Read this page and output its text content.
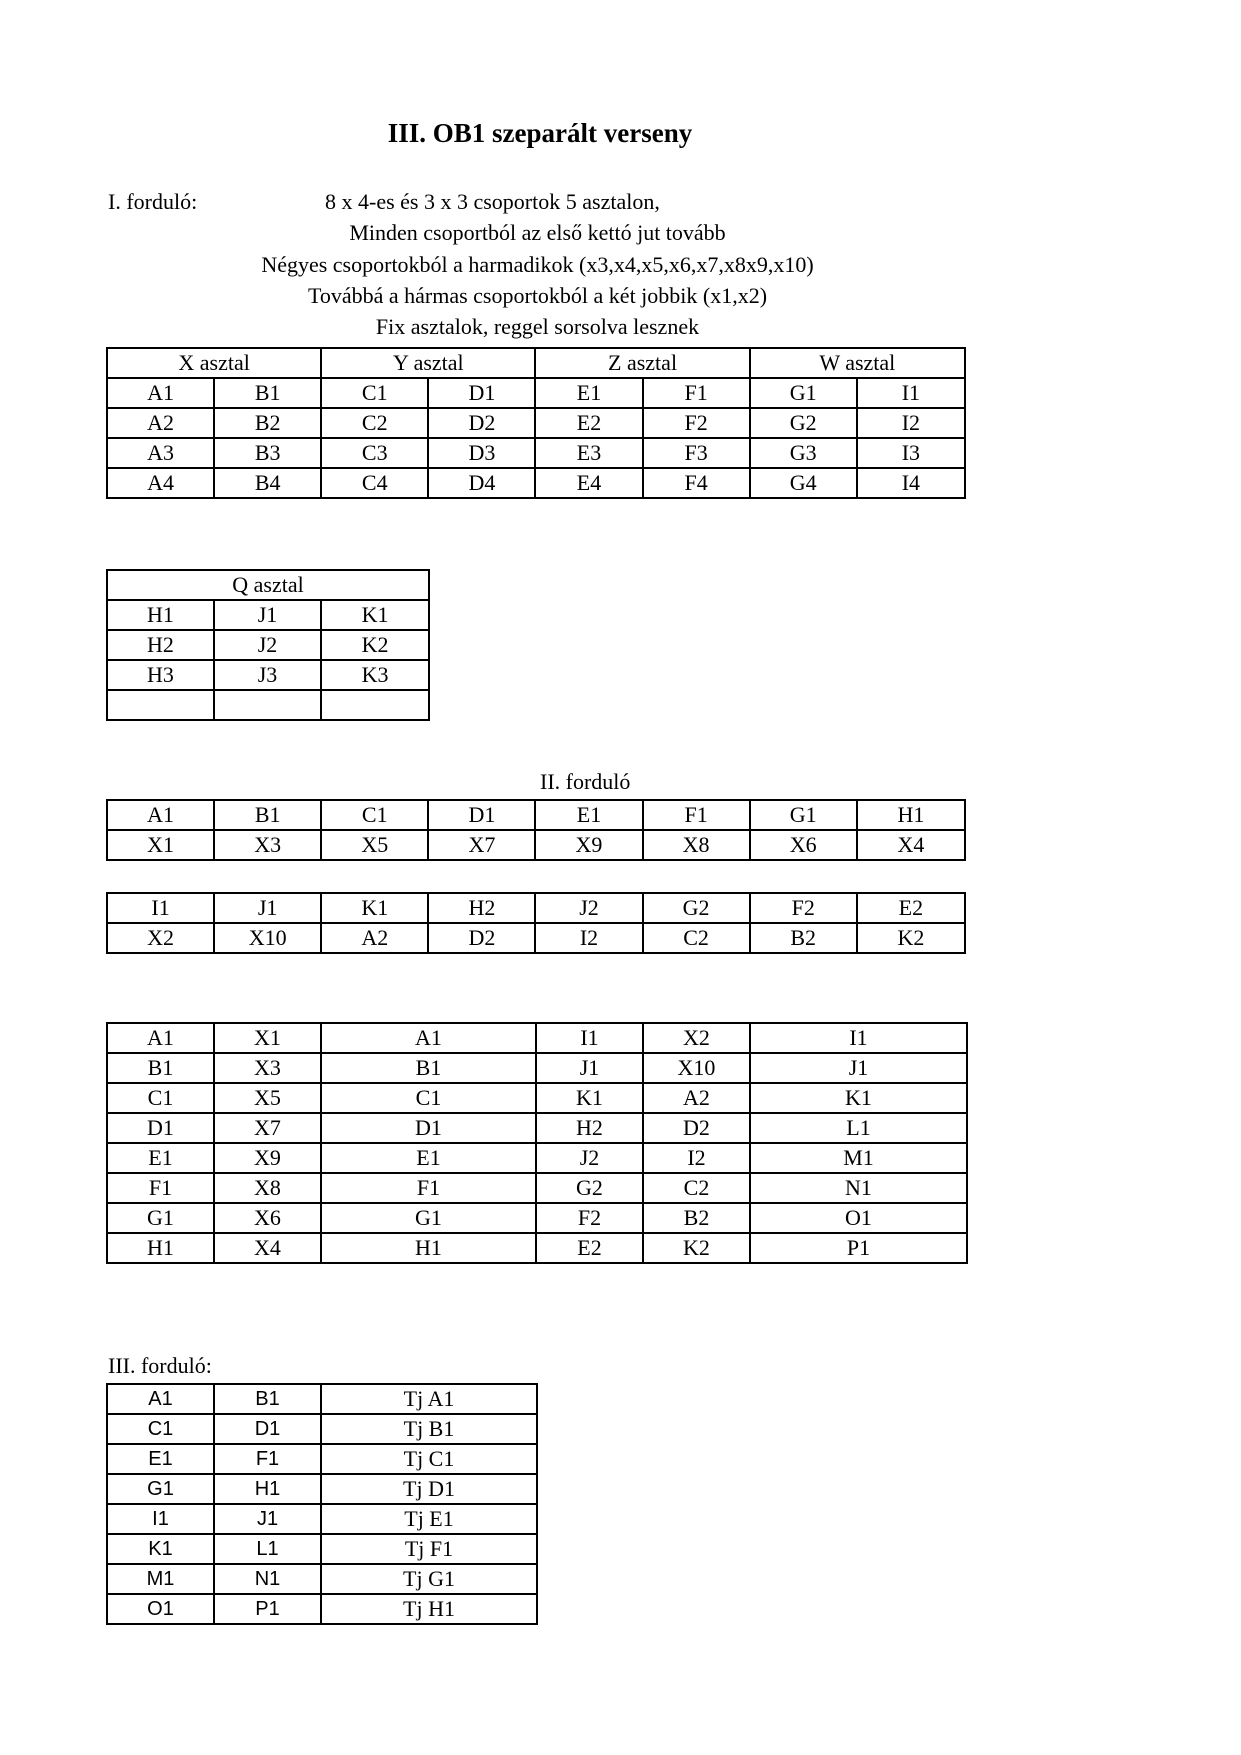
III. OB1 szeparált verseny
I. forduló:	8 x 4-es és 3 x 3 csoportok 5 asztalon,
Minden csoportból az első kettó jut tovább
Négyes csoportokból a harmadikok (x3,x4,x5,x6,x7,x8x9,x10)
Továbbá a hármas csoportokból a két jobbik (x1,x2)
Fix asztalok, reggel sorsolva lesznek
X asztal		Y asztal		Z asztal		W asztal	
A1	B1	C1	D1	E1	F1	G1	I1
A2	B2	C2	D2	E2	F2	G2	I2
A3	B3	C3	D3	E3	F3	G3	I3
A4	B4	C4	D4	E4	F4	G4	I4
Q asztal		
H1	J1	K1
H2	J2	K2
H3	J3	K3

II. forduló
A1	B1	C1	D1	E1	F1	G1	H1
X1	X3	X5	X7	X9	X8	X6	X4
I1	J1	K1	H2	J2	G2	F2	E2
X2	X10	A2	D2	I2	C2	B2	K2
A1	X1	A1	I1	X2	I1
B1	X3	B1	J1	X10	J1
C1	X5	C1	K1	A2	K1
D1	X7	D1	H2	D2	L1
E1	X9	E1	J2	I2	M1
F1	X8	F1	G2	C2	N1
G1	X6	G1	F2	B2	O1
H1	X4	H1	E2	K2	P1
III. forduló:
A1	B1	Tj A1
C1	D1	Tj B1
E1	F1	Tj C1
G1	H1	Tj D1
I1	J1	Tj E1
K1	L1	Tj F1
M1	N1	Tj G1
O1	P1	Tj H1
